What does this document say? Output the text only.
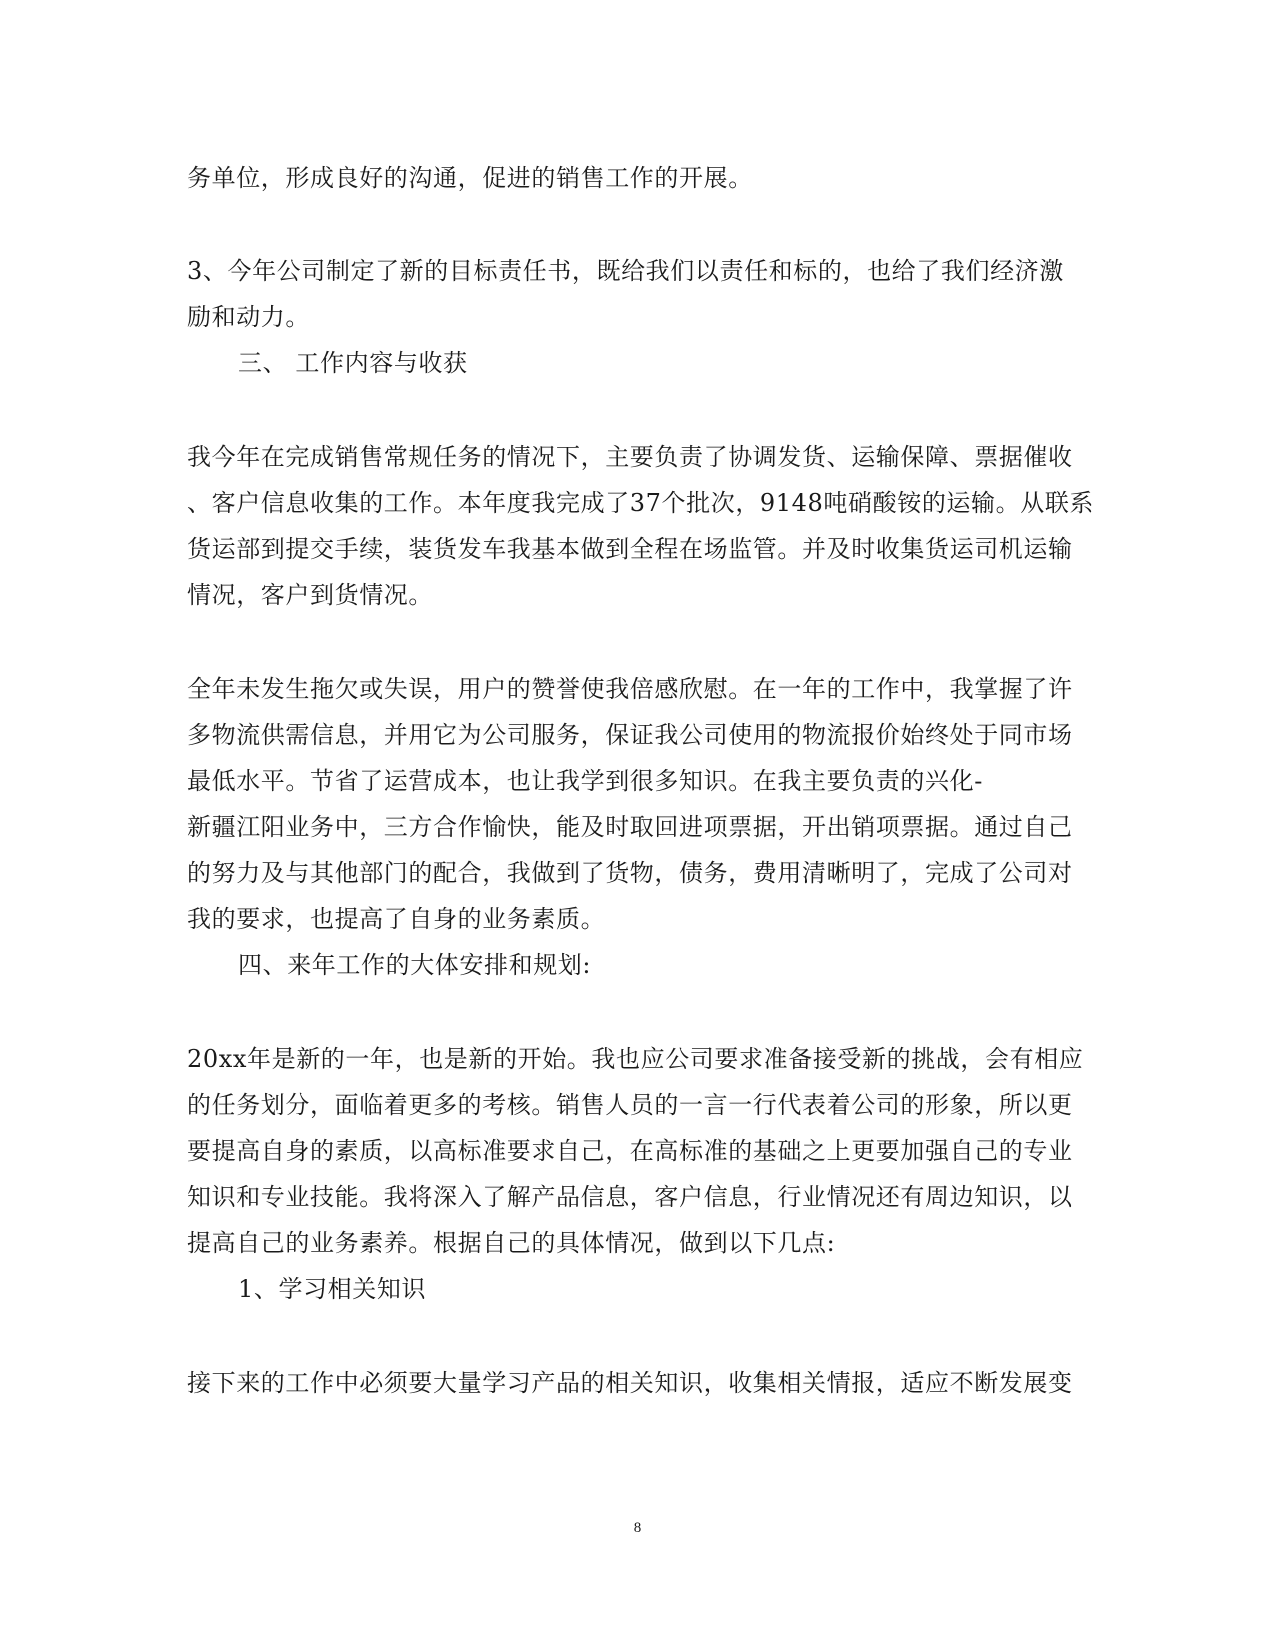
务单位，形成良好的沟通，促进的销售工作的开展。
3、今年公司制定了新的目标责任书，既给我们以责任和标的，也给了我们经济激
励和动力。
三、 工作内容与收获
我今年在完成销售常规任务的情况下，主要负责了协调发货、运输保障、票据催收
、客户信息收集的工作。本年度我完成了37个批次，9148吨硝酸铵的运输。从联系
货运部到提交手续，装货发车我基本做到全程在场监管。并及时收集货运司机运输
情况，客户到货情况。
全年未发生拖欠或失误，用户的赞誉使我倍感欣慰。在一年的工作中，我掌握了许
多物流供需信息，并用它为公司服务，保证我公司使用的物流报价始终处于同市场
最低水平。节省了运营成本，也让我学到很多知识。在我主要负责的兴化-
新疆江阳业务中，三方合作愉快，能及时取回进项票据，开出销项票据。通过自己
的努力及与其他部门的配合，我做到了货物，债务，费用清晰明了，完成了公司对
我的要求，也提高了自身的业务素质。
四、来年工作的大体安排和规划:
20xx年是新的一年，也是新的开始。我也应公司要求准备接受新的挑战，会有相应
的任务划分，面临着更多的考核。销售人员的一言一行代表着公司的形象，所以更
要提高自身的素质，以高标准要求自己，在高标准的基础之上更要加强自己的专业
知识和专业技能。我将深入了解产品信息，客户信息，行业情况还有周边知识，以
提高自己的业务素养。根据自己的具体情况，做到以下几点:
1、学习相关知识
接下来的工作中必须要大量学习产品的相关知识，收集相关情报，适应不断发展变
8
